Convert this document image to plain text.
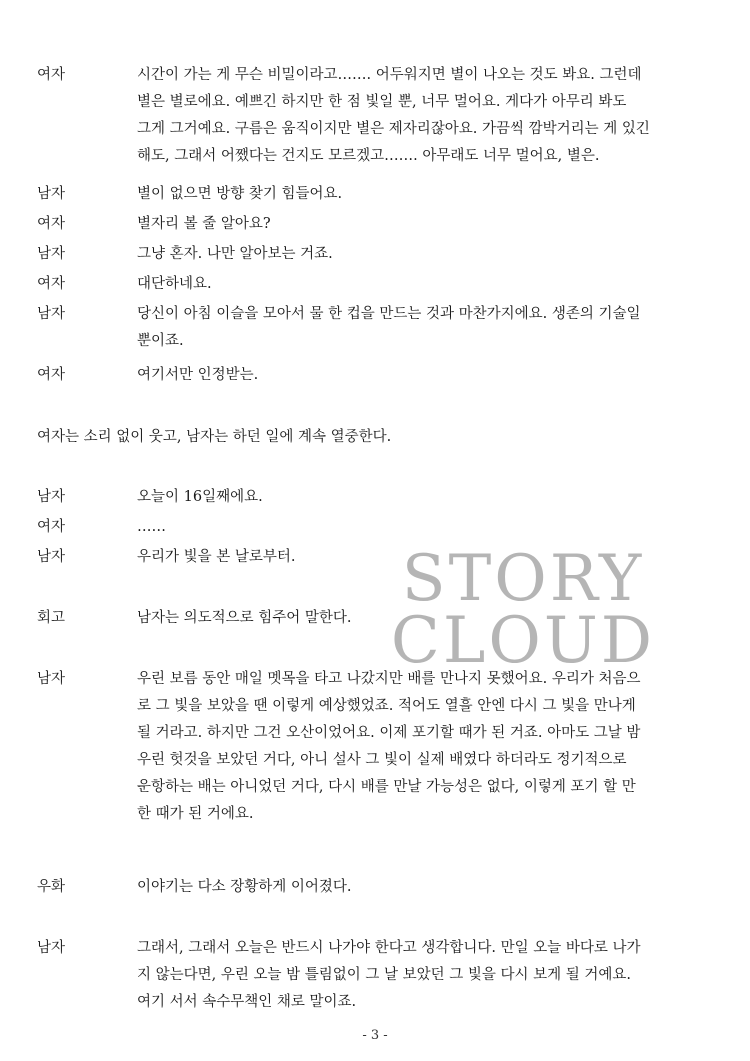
여자	시간이 가는 게 무슨 비밀이라고……. 어두워지면 별이 나오는 것도 봐요. 그런데
별은 별로에요. 예쁘긴 하지만 한 점 빛일 뿐, 너무 멀어요. 게다가 아무리 봐도
그게 그거예요. 구름은 움직이지만 별은 제자리잖아요. 가끔씩 깜박거리는 게 있긴
해도, 그래서 어쨌다는 건지도 모르겠고……. 아무래도 너무 멀어요, 별은.
남자	별이 없으면 방향 찾기 힘들어요.
여자	별자리 볼 줄 알아요?
남자	그냥 혼자. 나만 알아보는 거죠.
여자	대단하네요.
남자	당신이 아침 이슬을 모아서 물 한 컵을 만드는 것과 마찬가지에요. 생존의 기술일
뿐이죠.
여자	여기서만 인정받는.
여자는 소리 없이 웃고, 남자는 하던 일에 계속 열중한다.
남자	오늘이 16일째에요.
여자	……
남자	우리가 빛을 본 날로부터.
회고	남자는 의도적으로 힘주어 말한다.
남자	우린 보름 동안 매일 멧목을 타고 나갔지만 배를 만나지 못했어요. 우리가 처음으
로 그 빛을 보았을 땐 이렇게 예상했었죠. 적어도 열흘 안엔 다시 그 빛을 만나게
될 거라고. 하지만 그건 오산이었어요. 이제 포기할 때가 된 거죠. 아마도 그날 밤
우린 헛것을 보았던 거다, 아니 설사 그 빛이 실제 배였다 하더라도 정기적으로
운항하는 배는 아니었던 거다, 다시 배를 만날 가능성은 없다, 이렇게 포기 할 만
한 때가 된 거에요.
우화	이야기는 다소 장황하게 이어졌다.
남자	그래서, 그래서 오늘은 반드시 나가야 한다고 생각합니다. 만일 오늘 바다로 나가
지 않는다면, 우린 오늘 밤 틀림없이 그 날 보았던 그 빛을 다시 보게 될 거예요.
여기 서서 속수무책인 채로 말이죠.
STORY
CLOUD
- 3 -
